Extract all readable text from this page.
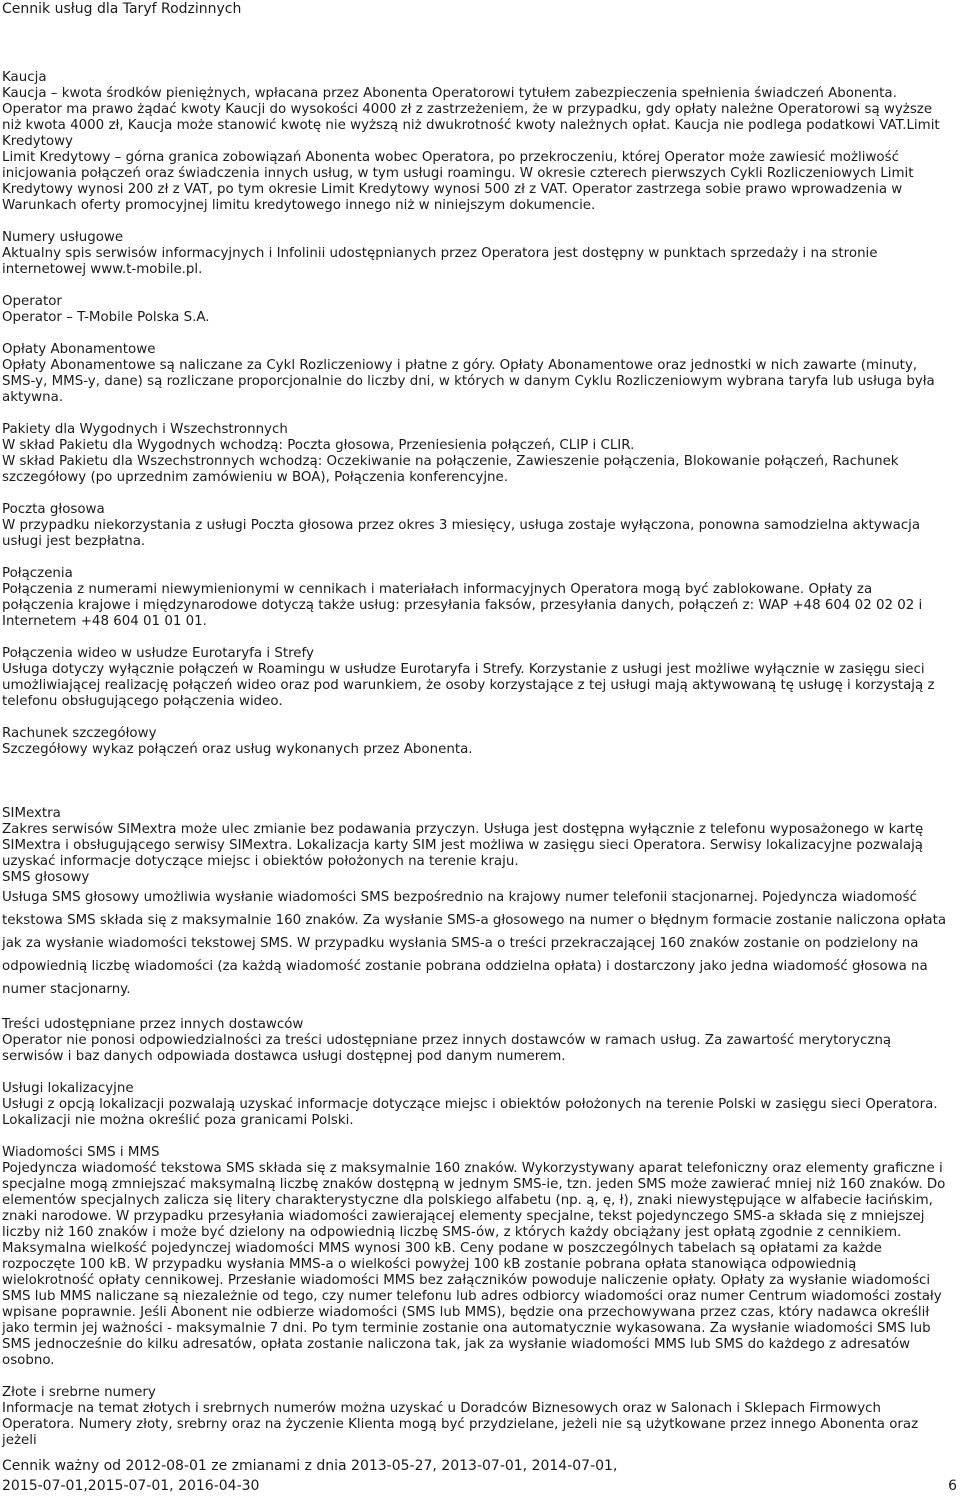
Cennik usług dla Taryf Rodzinnych

Kaucja

Kaucja – kwota środków pieniężnych, wpłacana przez Abonenta Operatorowi tytułem zabezpieczenia spełnienia świadczeń Abonenta.

Operator ma prawo żądać kwoty Kaucji do wysokości 4000 zł z zastrzeżeniem, że w przypadku, gdy opłaty należne Operatorowi są wyższe niż kwota 4000 zł, Kaucja może stanowić kwotę nie wyższą niż dwukrotność kwoty należnych opłat. Kaucja nie podlega podatkowi VAT.Limit Kredytowy

Limit Kredytowy – górna granica zobowiązań Abonenta wobec Operatora, po przekroczeniu, której Operator może zawiesić możliwość inicjowania połączeń oraz świadczenia innych usług, w tym usługi roamingu. W okresie czterech pierwszych Cykli Rozliczeniowych Limit Kredytowy wynosi 200 zł z VAT, po tym okresie Limit Kredytowy wynosi 500 zł z VAT. Operator zastrzega sobie prawo wprowadzenia w Warunkach oferty promocyjnej limitu kredytowego innego niż w niniejszym dokumencie.

Numery usługowe

Aktualny spis serwisów informacyjnych i Infolinii udostępnianych przez Operatora jest dostępny w punktach sprzedaży i na stronie internetowej www.t-mobile.pl.

Operator

Operator – T-Mobile Polska S.A.

Opłaty Abonamentowe

Opłaty Abonamentowe są naliczane za Cykl Rozliczeniowy i płatne z góry. Opłaty Abonamentowe oraz jednostki w nich zawarte (minuty, SMS-y, MMS-y, dane) są rozliczane proporcjonalnie do liczby dni, w których w danym Cyklu Rozliczeniowym wybrana taryfa lub usługa była aktywna.

Pakiety dla Wygodnych i Wszechstronnych

W skład Pakietu dla Wygodnych wchodzą: Poczta głosowa, Przeniesienia połączeń, CLIP i CLIR.

W skład Pakietu dla Wszechstronnych wchodzą: Oczekiwanie na połączenie, Zawieszenie połączenia, Blokowanie połączeń, Rachunek szczegółowy (po uprzednim zamówieniu w BOA), Połączenia konferencyjne.

Poczta głosowa

W przypadku niekorzystania z usługi Poczta głosowa przez okres 3 miesięcy, usługa zostaje wyłączona, ponowna samodzielna aktywacja usługi jest bezpłatna.

Połączenia

Połączenia z numerami niewymienionymi w cennikach i materiałach informacyjnych Operatora mogą być zablokowane. Opłaty za połączenia krajowe i międzynarodowe dotyczą także usług: przesyłania faksów, przesyłania danych, połączeń z: WAP +48 604 02 02 02 i Internetem +48 604 01 01 01.

Połączenia wideo w usłudze Eurotaryfa i Strefy

Usługa dotyczy wyłącznie połączeń w Roamingu w usłudze Eurotaryfa i Strefy. Korzystanie z usługi jest możliwe wyłącznie w zasięgu sieci umożliwiającej realizację połączeń wideo oraz pod warunkiem, że osoby korzystające z tej usługi mają aktywowaną tę usługę i korzystają z telefonu obsługującego połączenia wideo.

Rachunek szczegółowy

Szczegółowy wykaz połączeń oraz usług wykonanych przez Abonenta.

SIMextra

Zakres serwisów SIMextra może ulec zmianie bez podawania przyczyn. Usługa jest dostępna wyłącznie z telefonu wyposażonego w kartę SIMextra i obsługującego serwisy SIMextra. Lokalizacja karty SIM jest możliwa w zasięgu sieci Operatora. Serwisy lokalizacyjne pozwalają uzyskać informacje dotyczące miejsc i obiektów położonych na terenie kraju.

SMS głosowy

Usługa SMS głosowy umożliwia wysłanie wiadomości SMS bezpośrednio na krajowy numer telefonii stacjonarnej. Pojedyncza wiadomość tekstowa SMS składa się z maksymalnie 160 znaków. Za wysłanie SMS-a głosowego na numer o błędnym formacie zostanie naliczona opłata jak za wysłanie wiadomości tekstowej SMS. W przypadku wysłania SMS-a o treści przekraczającej 160 znaków zostanie on podzielony na odpowiednią liczbę wiadomości (za każdą wiadomość zostanie pobrana oddzielna opłata) i dostarczony jako jedna wiadomość głosowa na numer stacjonarny.

Treści udostępniane przez innych dostawców

Operator nie ponosi odpowiedzialności za treści udostępniane przez innych dostawców w ramach usług. Za zawartość merytoryczną serwisów i baz danych odpowiada dostawca usługi dostępnej pod danym numerem.

Usługi lokalizacyjne

Usługi z opcją lokalizacji pozwalają uzyskać informacje dotyczące miejsc i obiektów położonych na terenie Polski w zasięgu sieci Operatora. Lokalizacji nie można określić poza granicami Polski.

Wiadomości SMS i MMS

Pojedyncza wiadomość tekstowa SMS składa się z maksymalnie 160 znaków. Wykorzystywany aparat telefoniczny oraz elementy graficzne i specjalne mogą zmniejszać maksymalną liczbę znaków dostępną w jednym SMS-ie, tzn. jeden SMS może zawierać mniej niż 160 znaków. Do elementów specjalnych zalicza się litery charakterystyczne dla polskiego alfabetu (np. ą, ę, ł), znaki niewystępujące w alfabecie łacińskim, znaki narodowe. W przypadku przesyłania wiadomości zawierającej elementy specjalne, tekst pojedynczego SMS-a składa się z mniejszej liczby niż 160 znaków i może być dzielony na odpowiednią liczbę SMS-ów, z których każdy obciążany jest opłatą zgodnie z cennikiem. Maksymalna wielkość pojedynczej wiadomości MMS wynosi 300 kB. Ceny podane w poszczególnych tabelach są opłatami za każde rozpoczęte 100 kB. W przypadku wysłania MMS-a o wielkości powyżej 100 kB zostanie pobrana opłata stanowiąca odpowiednią wielokrotność opłaty cennikowej. Przesłanie wiadomości MMS bez załączników powoduje naliczenie opłaty. Opłaty za wysłanie wiadomości SMS lub MMS naliczane są niezależnie od tego, czy numer telefonu lub adres odbiorcy wiadomości oraz numer Centrum wiadomości zostały wpisane poprawnie. Jeśli Abonent nie odbierze wiadomości (SMS lub MMS), będzie ona przechowywana przez czas, który nadawca określił jako termin jej ważności - maksymalnie 7 dni. Po tym terminie zostanie ona automatycznie wykasowana. Za wysłanie wiadomości SMS lub SMS jednocześnie do kilku adresatów, opłata zostanie naliczona tak, jak za wysłanie wiadomości MMS lub SMS do każdego z adresatów osobno.

Złote i srebrne numery

Informacje na temat złotych i srebrnych numerów można uzyskać u Doradców Biznesowych oraz w Salonach i Sklepach Firmowych Operatora. Numery złoty, srebrny oraz na życzenie Klienta mogą być przydzielane, jeżeli nie są użytkowane przez innego Abonenta oraz jeżeli

Cennik ważny od 2012-08-01 ze zmianami z dnia 2013-05-27, 2013-07-01, 2014-07-01,
2015-07-01,2015-07-01, 2016-04-30	6
